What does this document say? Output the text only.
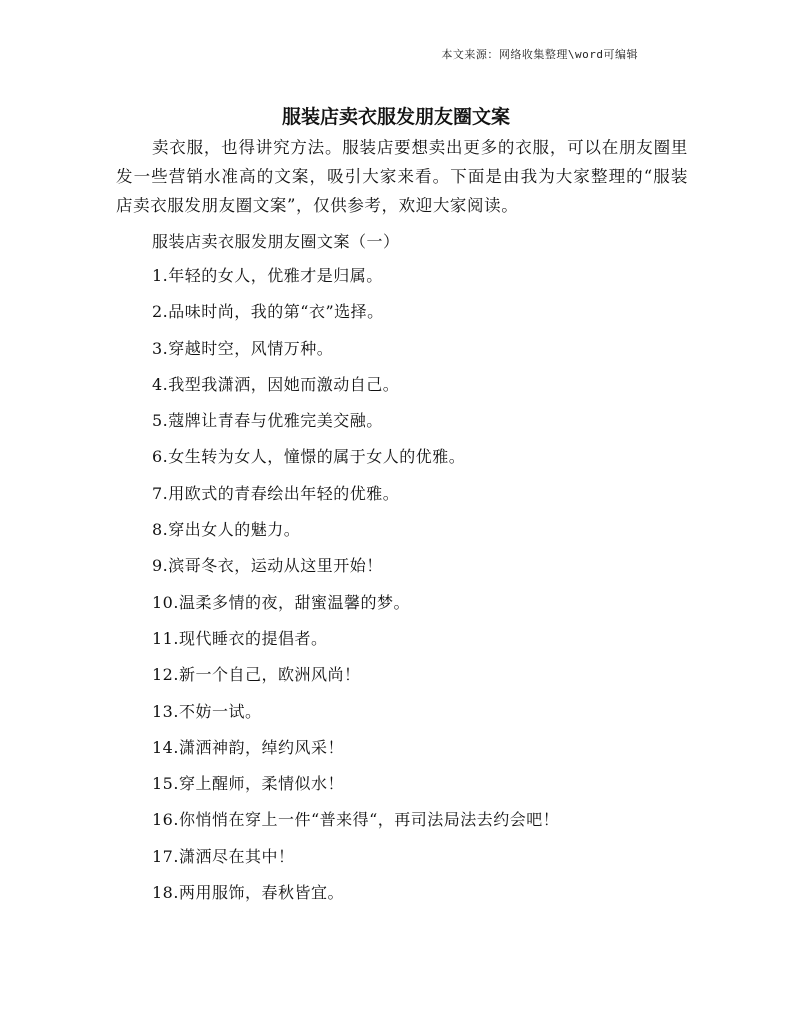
本文来源：网络收集整理\word可编辑
服装店卖衣服发朋友圈文案

卖衣服，也得讲究方法。服装店要想卖出更多的衣服，可以在朋友圈里发一些营销水准高的文案，吸引大家来看。下面是由我为大家整理的“服装店卖衣服发朋友圈文案”，仅供参考，欢迎大家阅读。

服装店卖衣服发朋友圈文案（一）
1.年轻的女人，优雅才是归属。
2.品味时尚，我的第“衣”选择。
3.穿越时空，风情万种。
4.我型我潇洒，因她而激动自己。
5.蔻牌让青春与优雅完美交融。
6.女生转为女人，憧憬的属于女人的优雅。
7.用欧式的青春绘出年轻的优雅。
8.穿出女人的魅力。
9.滨哥冬衣，运动从这里开始！
10.温柔多情的夜，甜蜜温馨的梦。
11.现代睡衣的提倡者。
12.新一个自己，欧洲风尚！
13.不妨一试。
14.潇洒神韵，绰约风采！
15.穿上醒师，柔情似水！
16.你悄悄在穿上一件“普来得“，再司法局法去约会吧！
17.潇洒尽在其中！
18.两用服饰，春秋皆宜。
